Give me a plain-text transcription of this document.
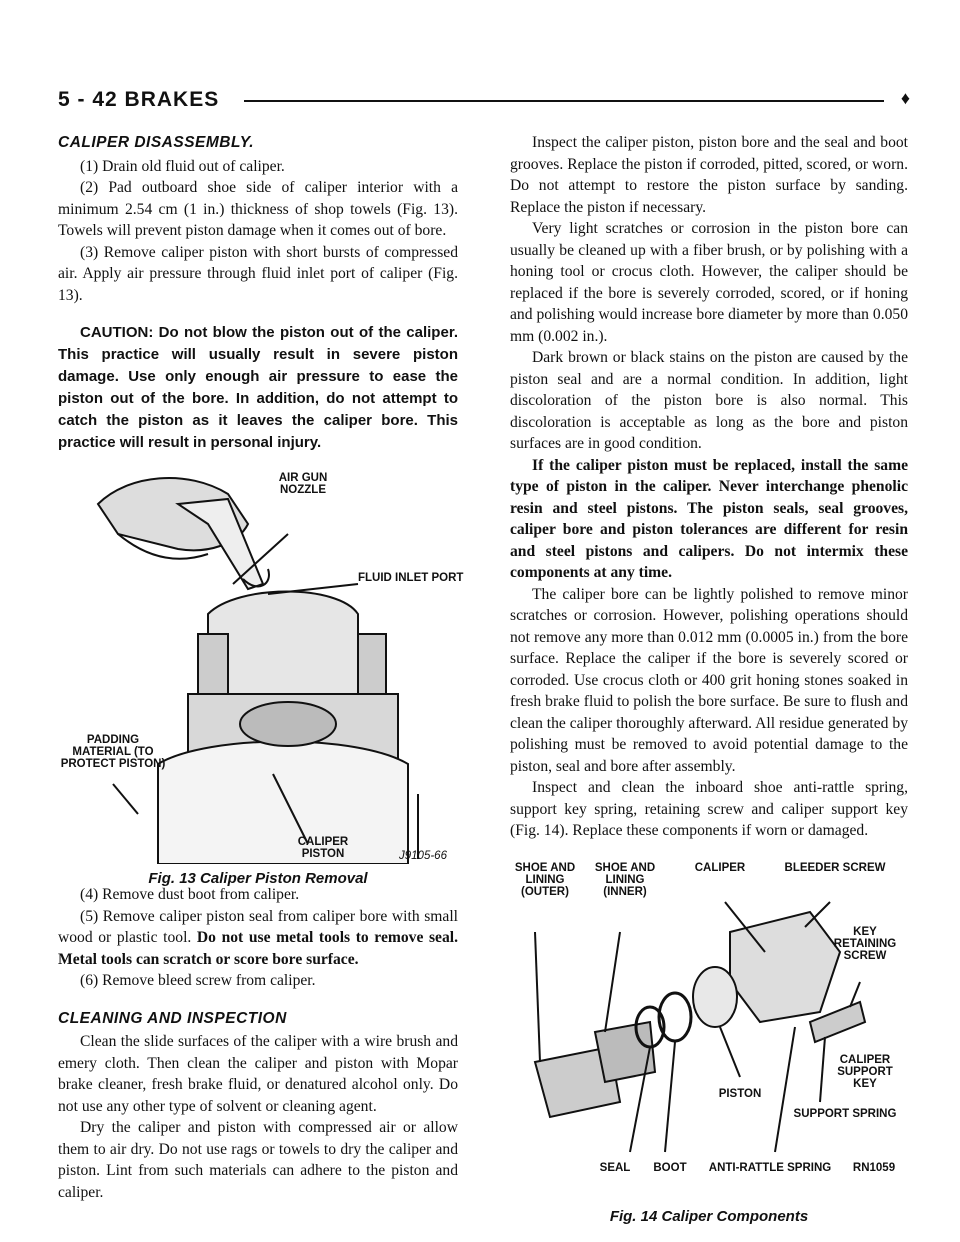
5 - 42 BRAKES	♦
CALIPER DISASSEMBLY.

(1) Drain old fluid out of caliper.

(2) Pad outboard shoe side of caliper interior with a minimum 2.54 cm (1 in.) thickness of shop towels (Fig. 13). Towels will prevent piston damage when it comes out of bore.

(3) Remove caliper piston with short bursts of compressed air. Apply air pressure through fluid inlet port of caliper (Fig. 13).

CAUTION: Do not blow the piston out of the caliper. This practice will usually result in severe piston damage. Use only enough air pressure to ease the piston out of the bore. In addition, do not attempt to catch the piston as it leaves the caliper bore. This practice will result in personal injury.

AIR GUN NOZZLE
FLUID INLET PORT
PADDING MATERIAL (TO PROTECT PISTON)
CALIPER PISTON	J9105-66
Fig. 13 Caliper Piston Removal

(4) Remove dust boot from caliper.

(5) Remove caliper piston seal from caliper bore with small wood or plastic tool. Do not use metal tools to remove seal. Metal tools can scratch or score bore surface.

(6) Remove bleed screw from caliper.

CLEANING AND INSPECTION

Clean the slide surfaces of the caliper with a wire brush and emery cloth. Then clean the caliper and piston with Mopar brake cleaner, fresh brake fluid, or denatured alcohol only. Do not use any other type of solvent or cleaning agent.

Dry the caliper and piston with compressed air or allow them to air dry. Do not use rags or towels to dry the caliper and piston. Lint from such materials can adhere to the piston and caliper.

Inspect the caliper piston, piston bore and the seal and boot grooves. Replace the piston if corroded, pitted, scored, or worn. Do not attempt to restore the piston surface by sanding. Replace the piston if necessary.

Very light scratches or corrosion in the piston bore can usually be cleaned up with a fiber brush, or by polishing with a honing tool or crocus cloth. However, the caliper should be replaced if the bore is severely corroded, scored, or if honing and polishing would increase bore diameter by more than 0.050 mm (0.002 in.).

Dark brown or black stains on the piston are caused by the piston seal and are a normal condition. In addition, light discoloration of the piston bore is also normal. This discoloration is acceptable as long as the bore and piston surfaces are in good condition.

If the caliper piston must be replaced, install the same type of piston in the caliper. Never interchange phenolic resin and steel pistons. The piston seals, seal grooves, caliper bore and piston tolerances are different for resin and steel pistons and calipers. Do not intermix these components at any time.

The caliper bore can be lightly polished to remove minor scratches or corrosion. However, polishing operations should not remove any more than 0.012 mm (0.0005 in.) from the bore surface. Replace the caliper if the bore is severely scored or corroded. Use crocus cloth or 400 grit honing stones soaked in fresh brake fluid to polish the bore surface. Be sure to flush and clean the caliper thoroughly afterward. All residue generated by polishing must be removed to avoid potential damage to the piston, seal and bore after assembly.

Inspect and clean the inboard shoe anti-rattle spring, support key spring, retaining screw and caliper support key (Fig. 14). Replace these components if worn or damaged.

SHOE AND LINING (OUTER)
SHOE AND LINING (INNER)
CALIPER	BLEEDER SCREW
KEY RETAINING SCREW
PISTON
CALIPER SUPPORT KEY
SUPPORT SPRING
SEAL	BOOT	ANTI-RATTLE SPRING	RN1059
Fig. 14 Caliper Components
